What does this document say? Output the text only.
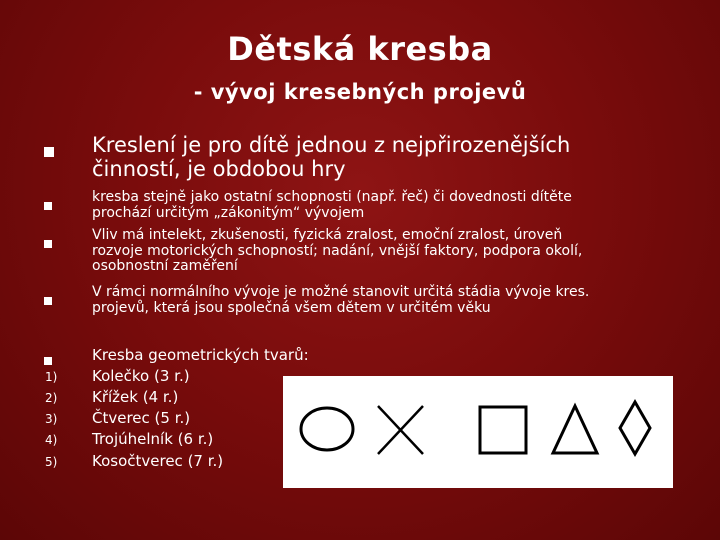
Dětská kresba
- vývoj kresebných projevů
Kreslení je pro dítě jednou z nejpřirozenějších
činností, je obdobou hry
kresba stejně jako ostatní schopnosti (např. řeč) či dovednosti dítěte
prochází určitým „zákonitým“ vývojem
Vliv má intelekt, zkušenosti, fyzická zralost, emoční zralost, úroveň
rozvoje motorických schopností; nadání, vnější faktory, podpora okolí,
osobnostní zaměření
V rámci normálního vývoje je možné stanovit určitá stádia vývoje kres.
projevů, která jsou společná všem dětem v určitém věku
Kresba geometrických tvarů:
1) Kolečko (3 r.)
2) Křížek (4 r.)
3) Čtverec (5 r.)
4) Trojúhelník (6 r.)
5) Kosočtverec (7 r.)
